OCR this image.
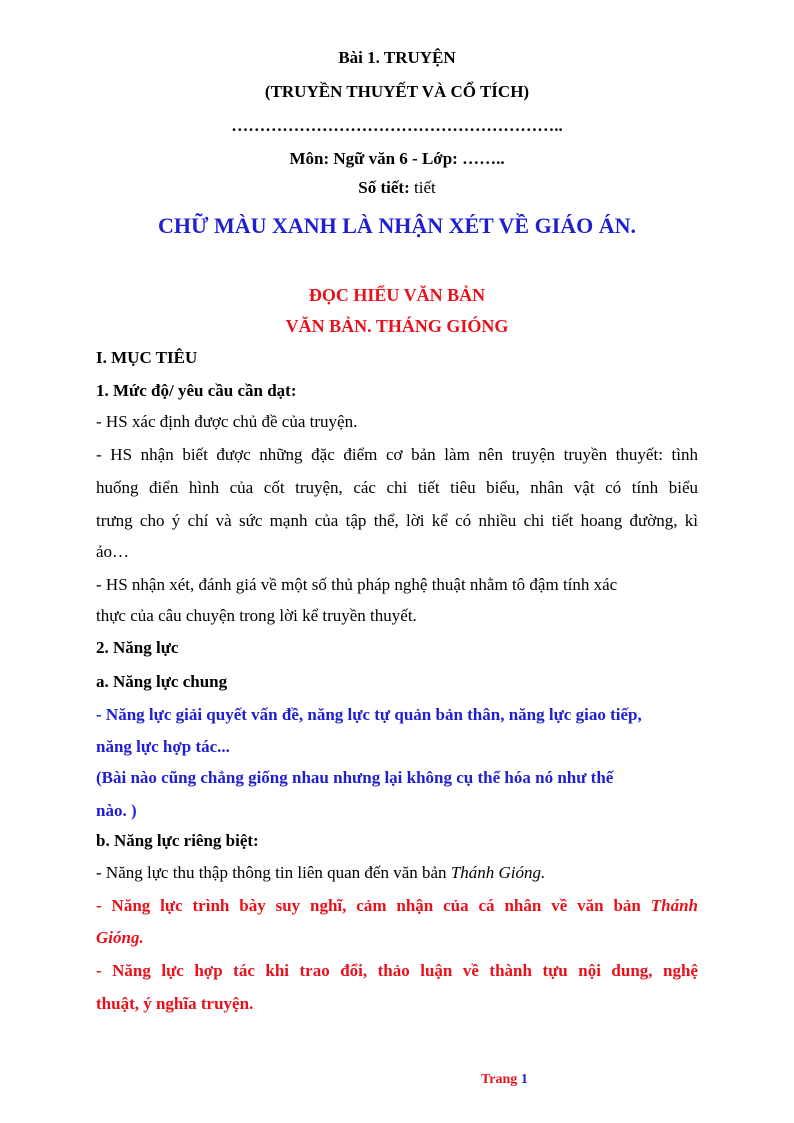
Bài 1. TRUYỆN
(TRUYỀN THUYẾT VÀ CỔ TÍCH)
…………………………………………………..
Môn: Ngữ văn 6 - Lớp: ……..
Số tiết: tiết
CHỮ MÀU XANH LÀ NHẬN XÉT VỀ GIÁO ÁN.
ĐỌC HIỂU VĂN BẢN
VĂN BẢN. THÁNG GIÓNG
I. MỤC TIÊU
1. Mức độ/ yêu cầu cần dạt:
- HS xác định được chủ đề của truyện.
- HS nhận biết được những đặc điểm cơ bản làm nên truyện truyền thuyết: tình
huống điển hình của cốt truyện, các chi tiết tiêu biểu, nhân vật có tính biểu
trưng cho ý chí và sức mạnh của tập thể, lời kể có nhiều chi tiết hoang đường, kì
ảo…
- HS nhận xét, đánh giá về một số thủ pháp nghệ thuật nhằm tô đậm tính xác
thực của câu chuyện trong lời kể truyền thuyết.
2. Năng lực
a. Năng lực chung
- Năng lực giải quyết vấn đề, năng lực tự quản bản thân, năng lực giao tiếp,
năng lực hợp tác...
(Bài nào cũng chẳng giống nhau nhưng lại không cụ thể hóa nó như thế
nào. )
b. Năng lực riêng biệt:
- Năng lực thu thập thông tin liên quan đến văn bản Thánh Gióng.
- Năng lực trình bày suy nghĩ, cảm nhận của cá nhân về văn bản Thánh
Gióng.
- Năng lực hợp tác khi trao đổi, thảo luận về thành tựu nội dung, nghệ
thuật, ý nghĩa truyện.
Trang 1
